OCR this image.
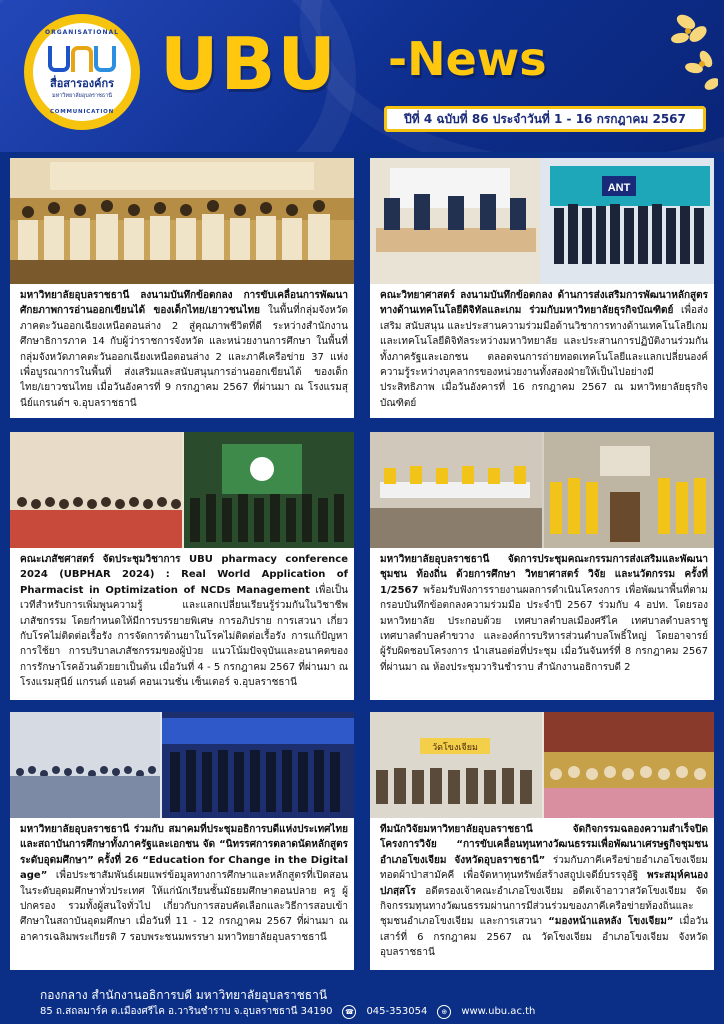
ORGANISATIONAL
สื่อสารองค์กร
มหาวิทยาลัยอุบลราชธานี
COMMUNICATION
UBU -News
ปีที่ 4 ฉบับที่ 86 ประจำวันที่ 1 - 16 กรกฎาคม 2567
มหาวิทยาลัยอุบลราชธานี ลงนามบันทึกข้อตกลง การขับเคลื่อนการพัฒนาศักยภาพการอ่านออกเขียนได้ ของเด็กไทย/เยาวชนไทย ในพื้นที่กลุ่มจังหวัดภาคตะวันออกเฉียงเหนือตอนล่าง 2 สู่คุณภาพชีวิตที่ดี ระหว่างสำนักงานศึกษาธิการภาค 14 กับผู้ว่าราชการจังหวัด และหน่วยงานการศึกษา ในพื้นที่กลุ่มจังหวัดภาคตะวันออกเฉียงเหนือตอนล่าง 2 และภาคีเครือข่าย 37 แห่ง เพื่อบูรณาการในพื้นที่ ส่งเสริมและสนับสนุนการอ่านออกเขียนได้ ของเด็กไทย/เยาวชนไทย เมื่อวันอังคารที่ 9 กรกฎาคม 2567 ที่ผ่านมา ณ โรงแรมสุนีย์แกรนด์ฯ จ.อุบลราชธานี
ANT
คณะวิทยาศาสตร์ ลงนามบันทึกข้อตกลง ด้านการส่งเสริมการพัฒนาหลักสูตรทางด้านเทคโนโลยีดิจิทัลและเกม ร่วมกับมหาวิทยาลัยธุรกิจบัณฑิตย์ เพื่อส่งเสริม สนับสนุน และประสานความร่วมมือด้านวิชาการทางด้านเทคโนโลยีเกมและเทคโนโลยีดิจิทัลระหว่างมหาวิทยาลัย และประสานการปฏิบัติงานร่วมกัน ทั้งภาครัฐและเอกชน ตลอดจนการถ่ายทอดเทคโนโลยีและแลกเปลี่ยนองค์ความรู้ระหว่างบุคลากรของหน่วยงานทั้งสองฝ่ายให้เป็นไปอย่างมีประสิทธิภาพ เมื่อวันอังคารที่ 16 กรกฎาคม 2567 ณ มหาวิทยาลัยธุรกิจบัณฑิตย์
คณะเภสัชศาสตร์ จัดประชุมวิชาการ UBU pharmacy conference 2024 (UBPHAR 2024) : Real World Application of Pharmacist in Optimization of NCDs Management เพื่อเป็นเวทีสำหรับการเพิ่มพูนความรู้ และแลกเปลี่ยนเรียนรู้ร่วมกันในวิชาชีพเภสัชกรรม โดยกำหนดให้มีการบรรยายพิเศษ การอภิปราย การเสวนา เกี่ยวกับโรคไม่ติดต่อเรื้อรัง การจัดการด้านยาในโรคไม่ติดต่อเรื้อรัง การแก้ปัญหาการใช้ยา การบริบาลเภสัชกรรมของผู้ป่วย แนวโน้มปัจจุบันและอนาคตของการรักษาโรคอ้วนด้วยยาเป็นต้น เมื่อวันที่ 4 - 5 กรกฎาคม 2567 ที่ผ่านมา ณ โรงแรมสุนีย์ แกรนด์ แอนด์ คอนเวนชั่น เซ็นเตอร์ จ.อุบลราชธานี
มหาวิทยาลัยอุบลราชธานี จัดการประชุมคณะกรรมการส่งเสริมและพัฒนาชุมชน ท้องถิ่น ด้วยการศึกษา วิทยาศาสตร์ วิจัย และนวัตกรรม ครั้งที่ 1/2567 พร้อมรับฟังการรายงานผลการดำเนินโครงการ เพื่อพัฒนาพื้นที่ตามกรอบบันทึกข้อตกลงความร่วมมือ ประจำปี 2567 ร่วมกับ 4 อปท. โดยรองมหาวิทยาลัย ประกอบด้วย เทศบาลตำบลเมืองศรีไค เทศบาลตำบลราชู เทศบาลตำบลคำขวาง และองค์การบริหารส่วนตำบลโพธิ์ใหญ่ โดยอาจารย์ผู้รับผิดชอบโครงการ นำเสนอต่อที่ประชุม เมื่อวันจันทร์ที่ 8 กรกฎาคม 2567 ที่ผ่านมา ณ ห้องประชุมวารินชำราบ สำนักงานอธิการบดี 2
มหาวิทยาลัยอุบลราชธานี ร่วมกับ สมาคมที่ประชุมอธิการบดีแห่งประเทศไทย และสถาบันการศึกษาทั้งภาครัฐและเอกชน จัด “นิทรรศการตลาดนัดหลักสูตรระดับอุดมศึกษา” ครั้งที่ 26 “Education for Change in the Digital age” เพื่อประชาสัมพันธ์เผยแพร่ข้อมูลทางการศึกษาและหลักสูตรที่เปิดสอนในระดับอุดมศึกษาทั่วประเทศ ให้แก่นักเรียนชั้นมัธยมศึกษาตอนปลาย ครู ผู้ปกครอง รวมทั้งผู้สนใจทั่วไป เกี่ยวกับการสอบคัดเลือกและวิธีการสอบเข้าศึกษาในสถาบันอุดมศึกษา เมื่อวันที่ 11 - 12 กรกฎาคม 2567 ที่ผ่านมา ณ อาคารเฉลิมพระเกียรติ 7 รอบพระชนมพรรษา มหาวิทยาลัยอุบลราชธานี
วัดโขงเจียม
ทีมนักวิจัยมหาวิทยาลัยอุบลราชธานี จัดกิจกรรมฉลองความสำเร็จปิดโครงการวิจัย “การขับเคลื่อนทุนทางวัฒนธรรมเพื่อพัฒนาเศรษฐกิจชุมชน อำเภอโขงเจียม จังหวัดอุบลราชธานี” ร่วมกับภาคีเครือข่ายอำเภอโขงเจียมทอดผ้าป่าสามัคคี เพื่อจัดหาทุนทรัพย์สร้างสถูปเจดีย์บรรจุอัฐิ พระสมุห์คนอง ปภสฺสโร อดีตรองเจ้าคณะอำเภอโขงเจียม อดีตเจ้าอาวาสวัดโขงเจียม จัดกิจกรรมทุนทางวัฒนธรรมผ่านการมีส่วนร่วมของภาคีเครือข่ายท้องถิ่นและชุมชนอำเภอโขงเจียม และการเสวนา “มองหน้าแลหลัง โขงเจียม” เมื่อวันเสาร์ที่ 6 กรกฎาคม 2567 ณ วัดโขงเจียม อำเภอโขงเจียม จังหวัดอุบลราชธานี
กองกลาง สำนักงานอธิการบดี มหาวิทยาลัยอุบลราชธานี
85 ถ.สถลมาร์ค ต.เมืองศรีไค อ.วารินชำราบ จ.อุบลราชธานี 34190	☎ 045-353054	⊕	www.ubu.ac.th
